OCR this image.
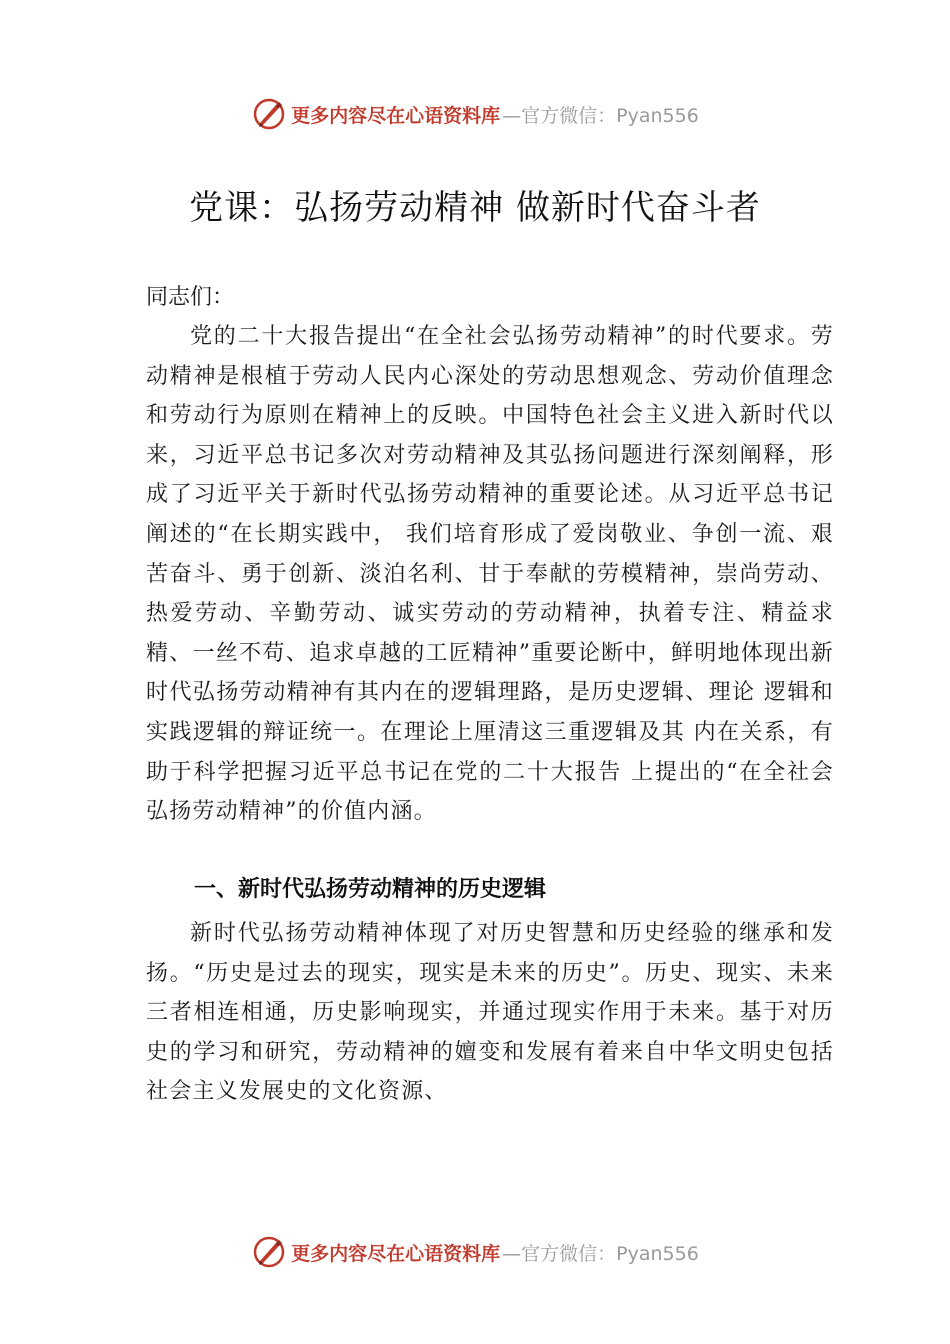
更多内容尽在心语资料库 —官方微信：Pyan556
党课：弘扬劳动精神 做新时代奋斗者
同志们：

党的二十大报告提出“在全社会弘扬劳动精神”的时代要求。劳动精神是根植于劳动人民内心深处的劳动思想观念、劳动价值理念和劳动行为原则在精神上的反映。中国特色社会主义进入新时代以来，习近平总书记多次对劳动精神及其弘扬问题进行深刻阐释，形成了习近平关于新时代弘扬劳动精神的重要论述。从习近平总书记阐述的“在长期实践中， 我们培育形成了爱岗敬业、争创一流、艰苦奋斗、勇于创新、淡泊名利、甘于奉献的劳模精神，崇尚劳动、热爱劳动、辛勤劳动、诚实劳动的劳动精神，执着专注、精益求精、一丝不苟、追求卓越的工匠精神”重要论断中，鲜明地体现出新 时代弘扬劳动精神有其内在的逻辑理路，是历史逻辑、理论 逻辑和实践逻辑的辩证统一。在理论上厘清这三重逻辑及其 内在关系，有助于科学把握习近平总书记在党的二十大报告 上提出的“在全社会弘扬劳动精神”的价值内涵。

一、新时代弘扬劳动精神的历史逻辑

新时代弘扬劳动精神体现了对历史智慧和历史经验的继承和发扬。“历史是过去的现实，现实是未来的历史”。历史、现实、未来三者相连相通，历史影响现实，并通过现实作用于未来。基于对历史的学习和研究，劳动精神的嬗变和发展有着来自中华文明史包括社会主义发展史的文化资源、

更多内容尽在心语资料库 —官方微信：Pyan556
